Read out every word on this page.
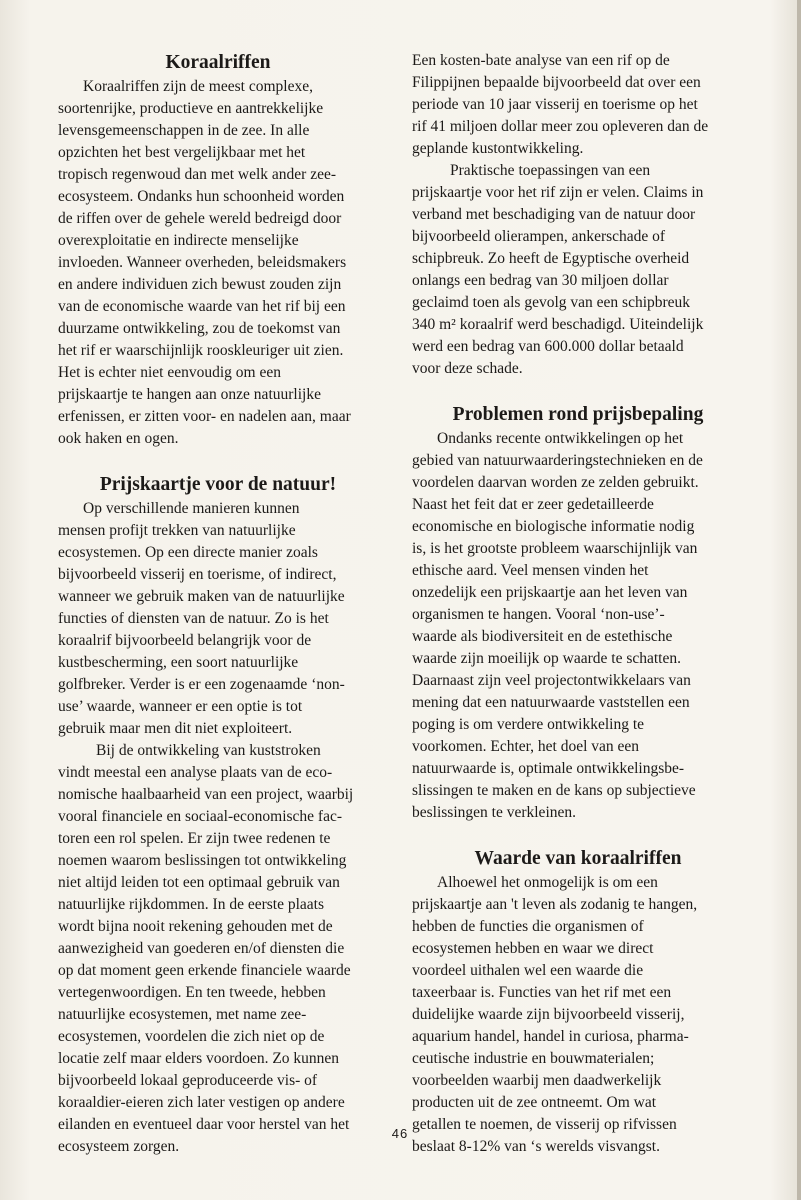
Koraalriffen

Koraalriffen zijn de meest complexe,
soortenrijke, productieve en aantrekkelijke
levensgemeenschappen in de zee. In alle
opzichten het best vergelijkbaar met het
tropisch regenwoud dan met welk ander zee-
ecosysteem. Ondanks hun schoonheid worden
de riffen over de gehele wereld bedreigd door
overexploitatie en indirecte menselijke
invloeden. Wanneer overheden, beleidsmakers
en andere individuen zich bewust zouden zijn
van de economische waarde van het rif bij een
duurzame ontwikkeling, zou de toekomst van
het rif er waarschijnlijk rooskleuriger uit zien.
Het is echter niet eenvoudig om een
prijskaartje te hangen aan onze natuurlijke
erfenissen, er zitten voor- en nadelen aan, maar
ook haken en ogen.

Prijskaartje voor de natuur!

Op verschillende manieren kunnen
mensen profijt trekken van natuurlijke
ecosystemen. Op een directe manier zoals
bijvoorbeeld visserij en toerisme, of indirect,
wanneer we gebruik maken van de natuurlijke
functies of diensten van de natuur. Zo is het
koraalrif bijvoorbeeld belangrijk voor de
kustbescherming, een soort natuurlijke
golfbreker. Verder is er een zogenaamde ‘non-
use’ waarde, wanneer er een optie is tot
gebruik maar men dit niet exploiteert.

Bij de ontwikkeling van kuststroken
vindt meestal een analyse plaats van de eco-
nomische haalbaarheid van een project, waarbij
vooral financiele en sociaal-economische fac-
toren een rol spelen. Er zijn twee redenen te
noemen waarom beslissingen tot ontwikkeling
niet altijd leiden tot een optimaal gebruik van
natuurlijke rijkdommen. In de eerste plaats
wordt bijna nooit rekening gehouden met de
aanwezigheid van goederen en/of diensten die
op dat moment geen erkende financiele waarde
vertegenwoordigen. En ten tweede, hebben
natuurlijke ecosystemen, met name zee-
ecosystemen, voordelen die zich niet op de
locatie zelf maar elders voordoen. Zo kunnen
bijvoorbeeld lokaal geproduceerde vis- of
koraaldier-eieren zich later vestigen op andere
eilanden en eventueel daar voor herstel van het
ecosysteem zorgen.

Een kosten-bate analyse van een rif op de
Filippijnen bepaalde bijvoorbeeld dat over een
periode van 10 jaar visserij en toerisme op het
rif 41 miljoen dollar meer zou opleveren dan de
geplande kustontwikkeling.

Praktische toepassingen van een
prijskaartje voor het rif zijn er velen. Claims in
verband met beschadiging van de natuur door
bijvoorbeeld olierampen, ankerschade of
schipbreuk. Zo heeft de Egyptische overheid
onlangs een bedrag van 30 miljoen dollar
geclaimd toen als gevolg van een schipbreuk
340 m² koraalrif werd beschadigd. Uiteindelijk
werd een bedrag van 600.000 dollar betaald
voor deze schade.

Problemen rond prijsbepaling

Ondanks recente ontwikkelingen op het
gebied van natuurwaarderingstechnieken en de
voordelen daarvan worden ze zelden gebruikt.
Naast het feit dat er zeer gedetailleerde
economische en biologische informatie nodig
is, is het grootste probleem waarschijnlijk van
ethische aard. Veel mensen vinden het
onzedelijk een prijskaartje aan het leven van
organismen te hangen. Vooral ‘non-use’-
waarde als biodiversiteit en de estethische
waarde zijn moeilijk op waarde te schatten.
Daarnaast zijn veel projectontwikkelaars van
mening dat een natuurwaarde vaststellen een
poging is om verdere ontwikkeling te
voorkomen. Echter, het doel van een
natuurwaarde is, optimale ontwikkelingsbe-
slissingen te maken en de kans op subjectieve
beslissingen te verkleinen.

Waarde van koraalriffen

Alhoewel het onmogelijk is om een
prijskaartje aan 't leven als zodanig te hangen,
hebben de functies die organismen of
ecosystemen hebben en waar we direct
voordeel uithalen wel een waarde die
taxeerbaar is. Functies van het rif met een
duidelijke waarde zijn bijvoorbeeld visserij,
aquarium handel, handel in curiosa, pharma-
ceutische industrie en bouwmaterialen;
voorbeelden waarbij men daadwerkelijk
producten uit de zee ontneemt. Om wat
getallen te noemen, de visserij op rifvissen
beslaat 8-12% van ‘s werelds visvangst.

46
